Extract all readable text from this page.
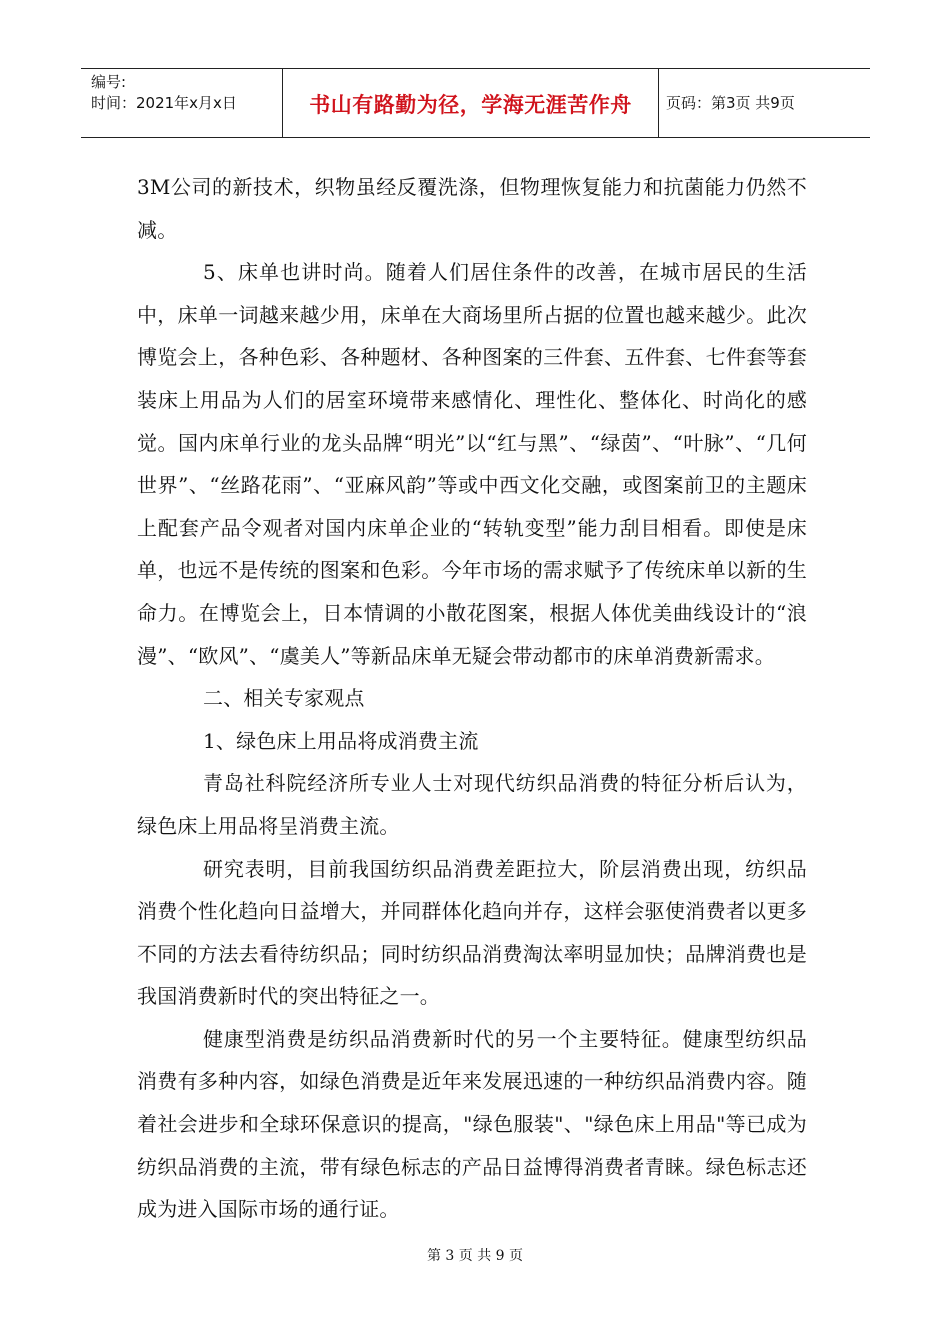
编号:
时间：2021年x月x日	书山有路勤为径，学海无涯苦作舟	页码：第3页 共9页

3M公司的新技术，织物虽经反覆洗涤，但物理恢复能力和抗菌能力仍然不减。

5、床单也讲时尚。随着人们居住条件的改善，在城市居民的生活中，床单一词越来越少用，床单在大商场里所占据的位置也越来越少。此次博览会上，各种色彩、各种题材、各种图案的三件套、五件套、七件套等套装床上用品为人们的居室环境带来感情化、理性化、整体化、时尚化的感觉。国内床单行业的龙头品牌“明光”以“红与黑”、“绿茵”、“叶脉”、“几何世界”、“丝路花雨”、“亚麻风韵”等或中西文化交融，或图案前卫的主题床上配套产品令观者对国内床单企业的“转轨变型”能力刮目相看。即使是床单，也远不是传统的图案和色彩。今年市场的需求赋予了传统床单以新的生命力。在博览会上，日本情调的小散花图案，根据人体优美曲线设计的“浪漫”、“欧风”、“虞美人”等新品床单无疑会带动都市的床单消费新需求。

二、相关专家观点

1、绿色床上用品将成消费主流

青岛社科院经济所专业人士对现代纺织品消费的特征分析后认为，绿色床上用品将呈消费主流。

研究表明，目前我国纺织品消费差距拉大，阶层消费出现，纺织品消费个性化趋向日益增大，并同群体化趋向并存，这样会驱使消费者以更多不同的方法去看待纺织品；同时纺织品消费淘汰率明显加快；品牌消费也是我国消费新时代的突出特征之一。

健康型消费是纺织品消费新时代的另一个主要特征。健康型纺织品消费有多种内容，如绿色消费是近年来发展迅速的一种纺织品消费内容。随着社会进步和全球环保意识的提高，"绿色服装"、"绿色床上用品"等已成为纺织品消费的主流，带有绿色标志的产品日益博得消费者青睐。绿色标志还成为进入国际市场的通行证。

第 3 页 共 9 页
